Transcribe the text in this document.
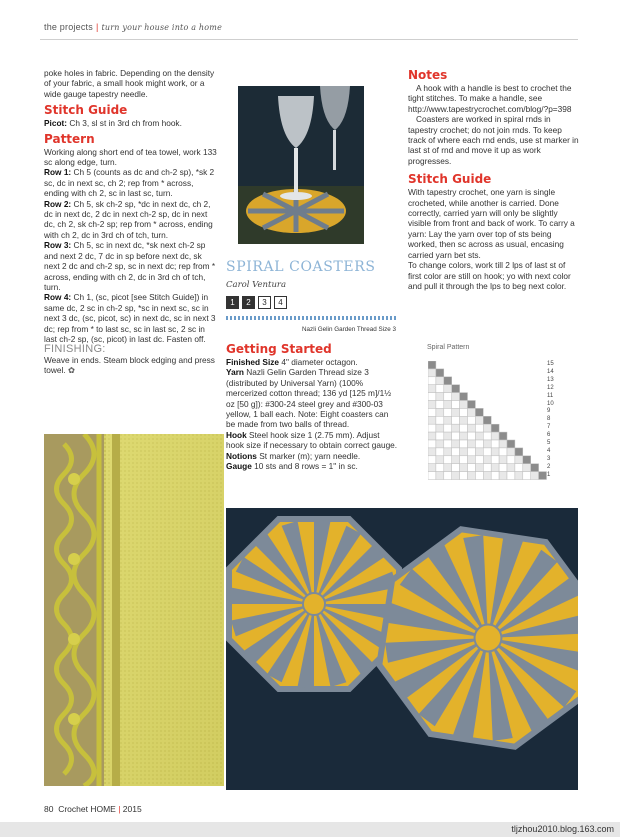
the projects | turn your house into a home

poke holes in fabric. Depending on the density of your fabric, a small hook might work, or a wide gauge tapestry needle.

Stitch Guide

Picot: Ch 3, sl st in 3rd ch from hook.

Pattern

Working along short end of tea towel, work 133 sc along edge, turn.

Row 1: Ch 5 (counts as dc and ch-2 sp), *sk 2 sc, dc in next sc, ch 2; rep from * across, ending with ch 2, sc in last sc, turn.

Row 2: Ch 5, sk ch-2 sp, *dc in next dc, ch 2, dc in next dc, 2 dc in next ch-2 sp, dc in next dc, ch 2, sk ch-2 sp; rep from * across, ending with ch 2, dc in 3rd ch of tch, turn.

Row 3: Ch 5, sc in next dc, *sk next ch-2 sp and next 2 dc, 7 dc in sp before next dc, sk next 2 dc and ch-2 sp, sc in next dc; rep from * across, ending with ch 2, dc in 3rd ch of tch, turn.

Row 4: Ch 1, (sc, picot [see Stitch Guide]) in same dc, 2 sc in ch-2 sp, *sc in next sc, sc in next 3 dc, (sc, picot, sc) in next dc, sc in next 3 dc; rep from * to last sc, sc in last sc, 2 sc in last ch-2 sp, (sc, picot) in last dc. Fasten off.

FINISHING:

Weave in ends. Steam block edging and press towel. ✿

SPIRAL COASTERS
Carol Ventura
1	2	3	4
Nazli Gelin Garden Thread Size 3
Getting Started

Finished Size 4" diameter octagon.

Yarn Nazli Gelin Garden Thread size 3 (distributed by Universal Yarn) (100% mercerized cotton thread; 136 yd [125 m]/1½ oz [50 g]): #300-24 steel grey and #300-03 yellow, 1 ball each. Note: Eight coasters can be made from two balls of thread.

Hook Steel hook size 1 (2.75 mm). Adjust hook size if necessary to obtain correct gauge.

Notions St marker (m); yarn needle.

Gauge 10 sts and 8 rows = 1" in sc.

Notes

A hook with a handle is best to crochet the tight stitches. To make a handle, see http://www.tapestrycrochet.com/blog/?p=398

Coasters are worked in spiral rnds in tapestry crochet; do not join rnds. To keep track of where each rnd ends, use st marker in last st of rnd and move it up as work progresses.

Stitch Guide

With tapestry crochet, one yarn is single crocheted, while another is carried. Done correctly, carried yarn will only be slightly visible from front and back of work. To carry a yarn: Lay the yarn over top of sts being worked, then sc across as usual, encasing carried yarn bet sts.

To change colors, work till 2 lps of last st of first color are still on hook; yo with next color and pull it through the lps to beg next color.

Spiral Pattern
15
14
13
12
11
10
9
8
7
6
5
4
3
2
1
80 Crochet HOME | 2015
tljzhou2010.blog.163.com
